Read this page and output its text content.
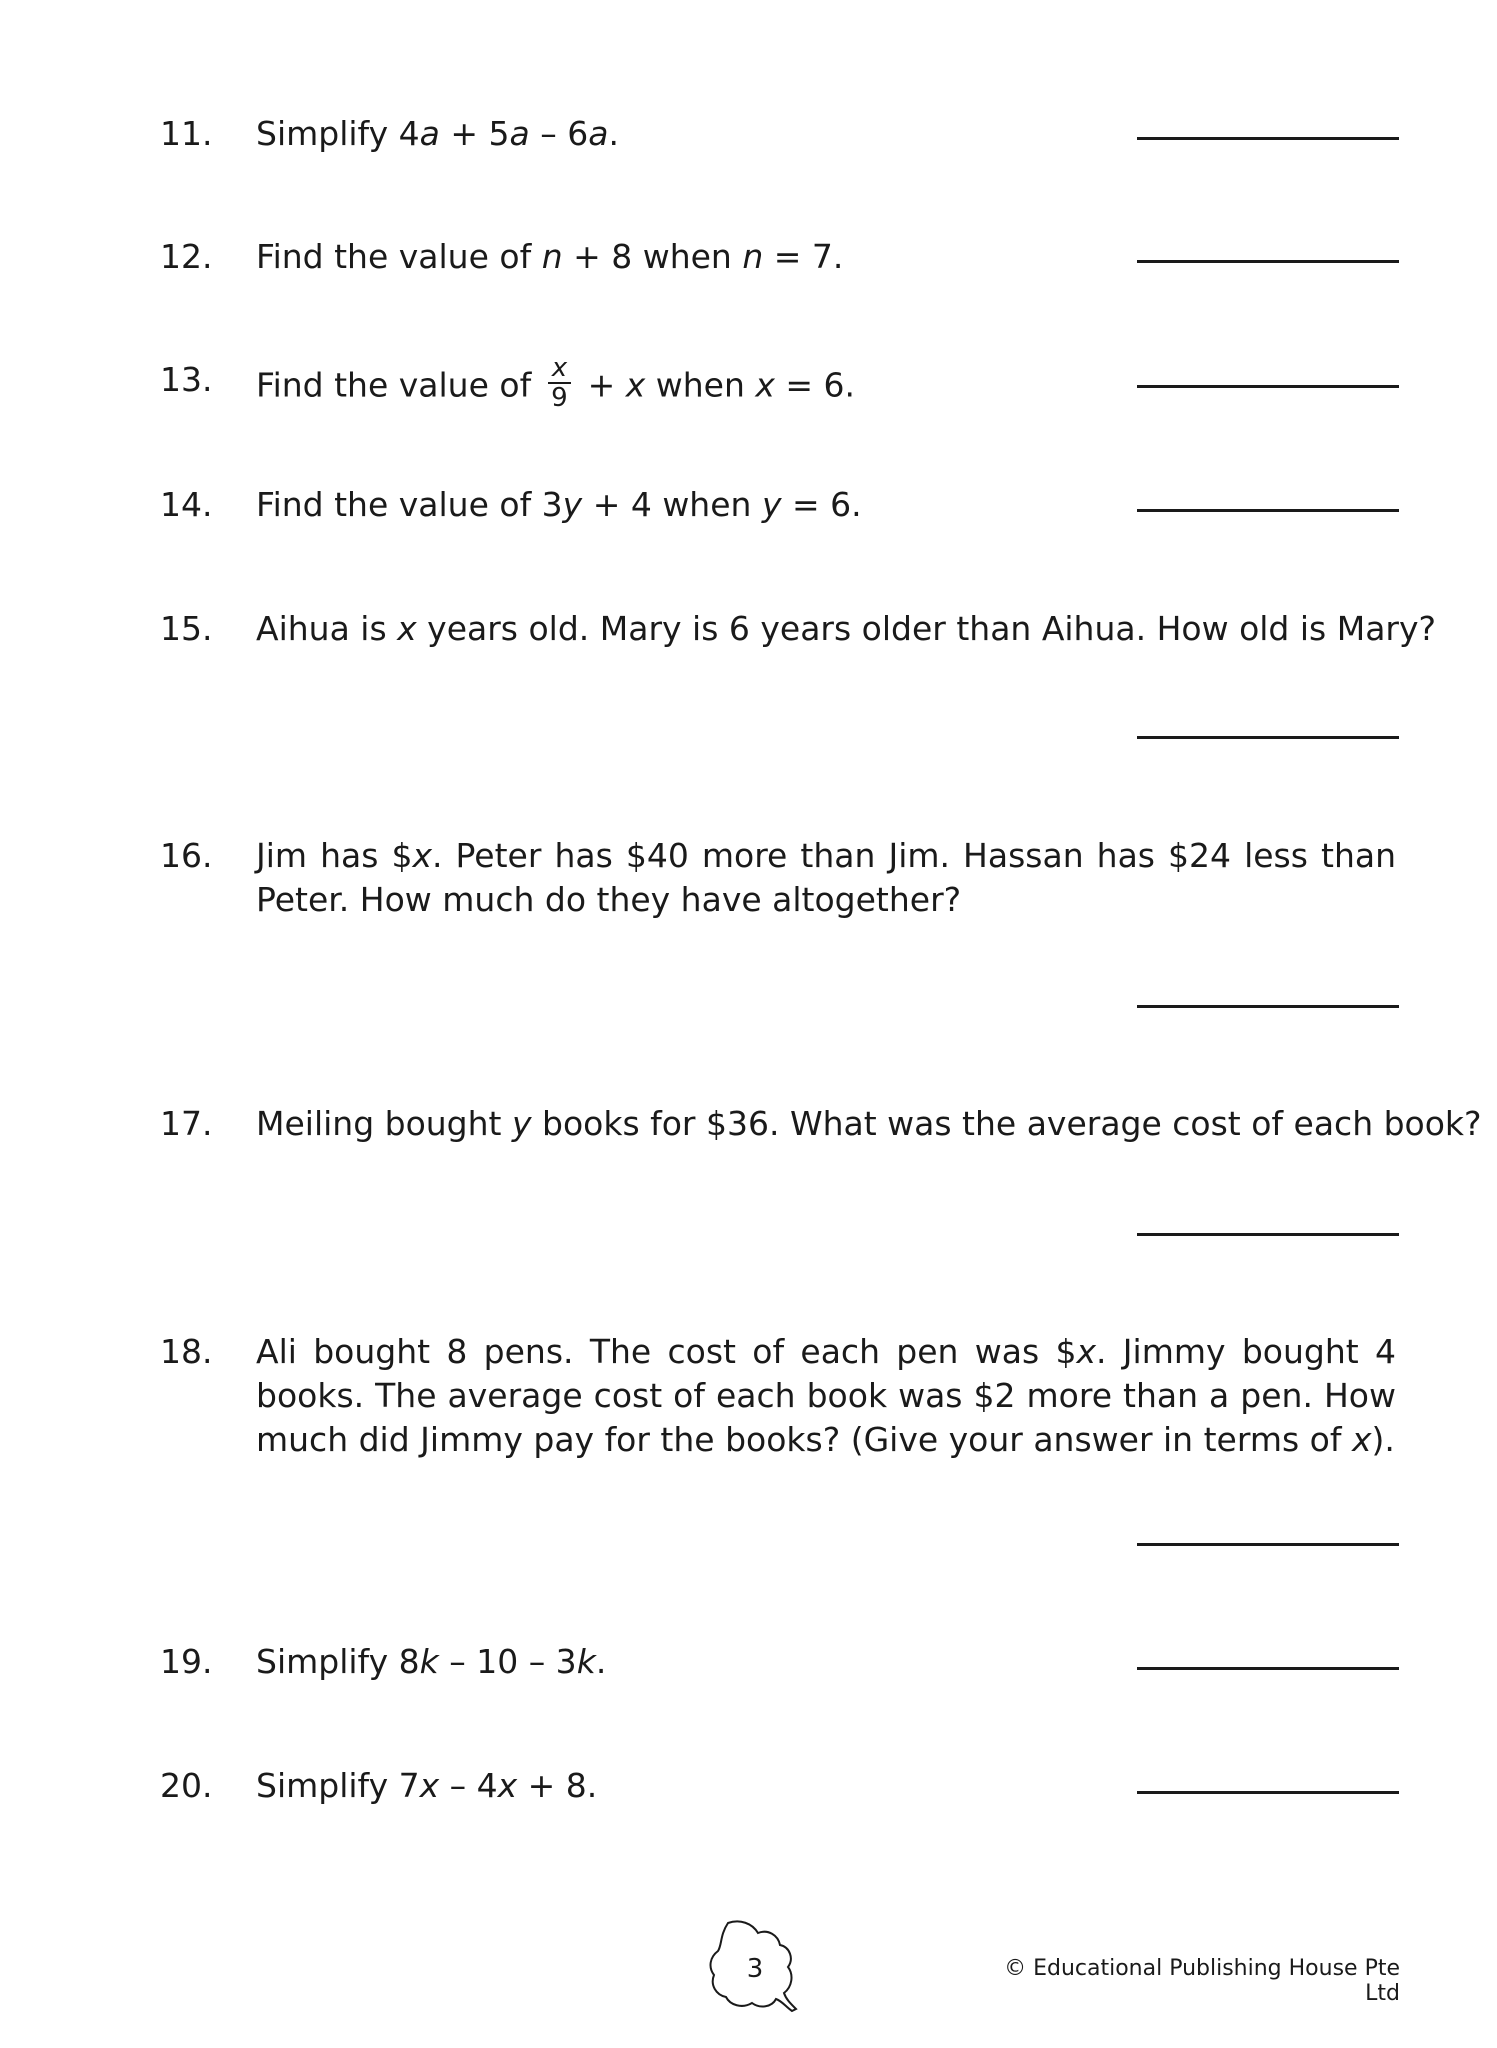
11. Simplify 4a + 5a – 6a.
12. Find the value of n + 8 when n = 7.
13. Find the value of $\frac{x}{9} + x$ when x = 6.
14. Find the value of 3y + 4 when y = 6.
15. Aihua is x years old. Mary is 6 years older than Aihua. How old is Mary?
16. Jim has $x. Peter has $40 more than Jim. Hassan has $24 less than Peter. How much do they have altogether?
17. Meiling bought y books for $36. What was the average cost of each book?
18. Ali bought 8 pens. The cost of each pen was $x. Jimmy bought 4 books. The average cost of each book was $2 more than a pen. How much did Jimmy pay for the books? (Give your answer in terms of x).
19. Simplify 8k – 10 – 3k.
20. Simplify 7x – 4x + 8.
3	© Educational Publishing House Pte Ltd
